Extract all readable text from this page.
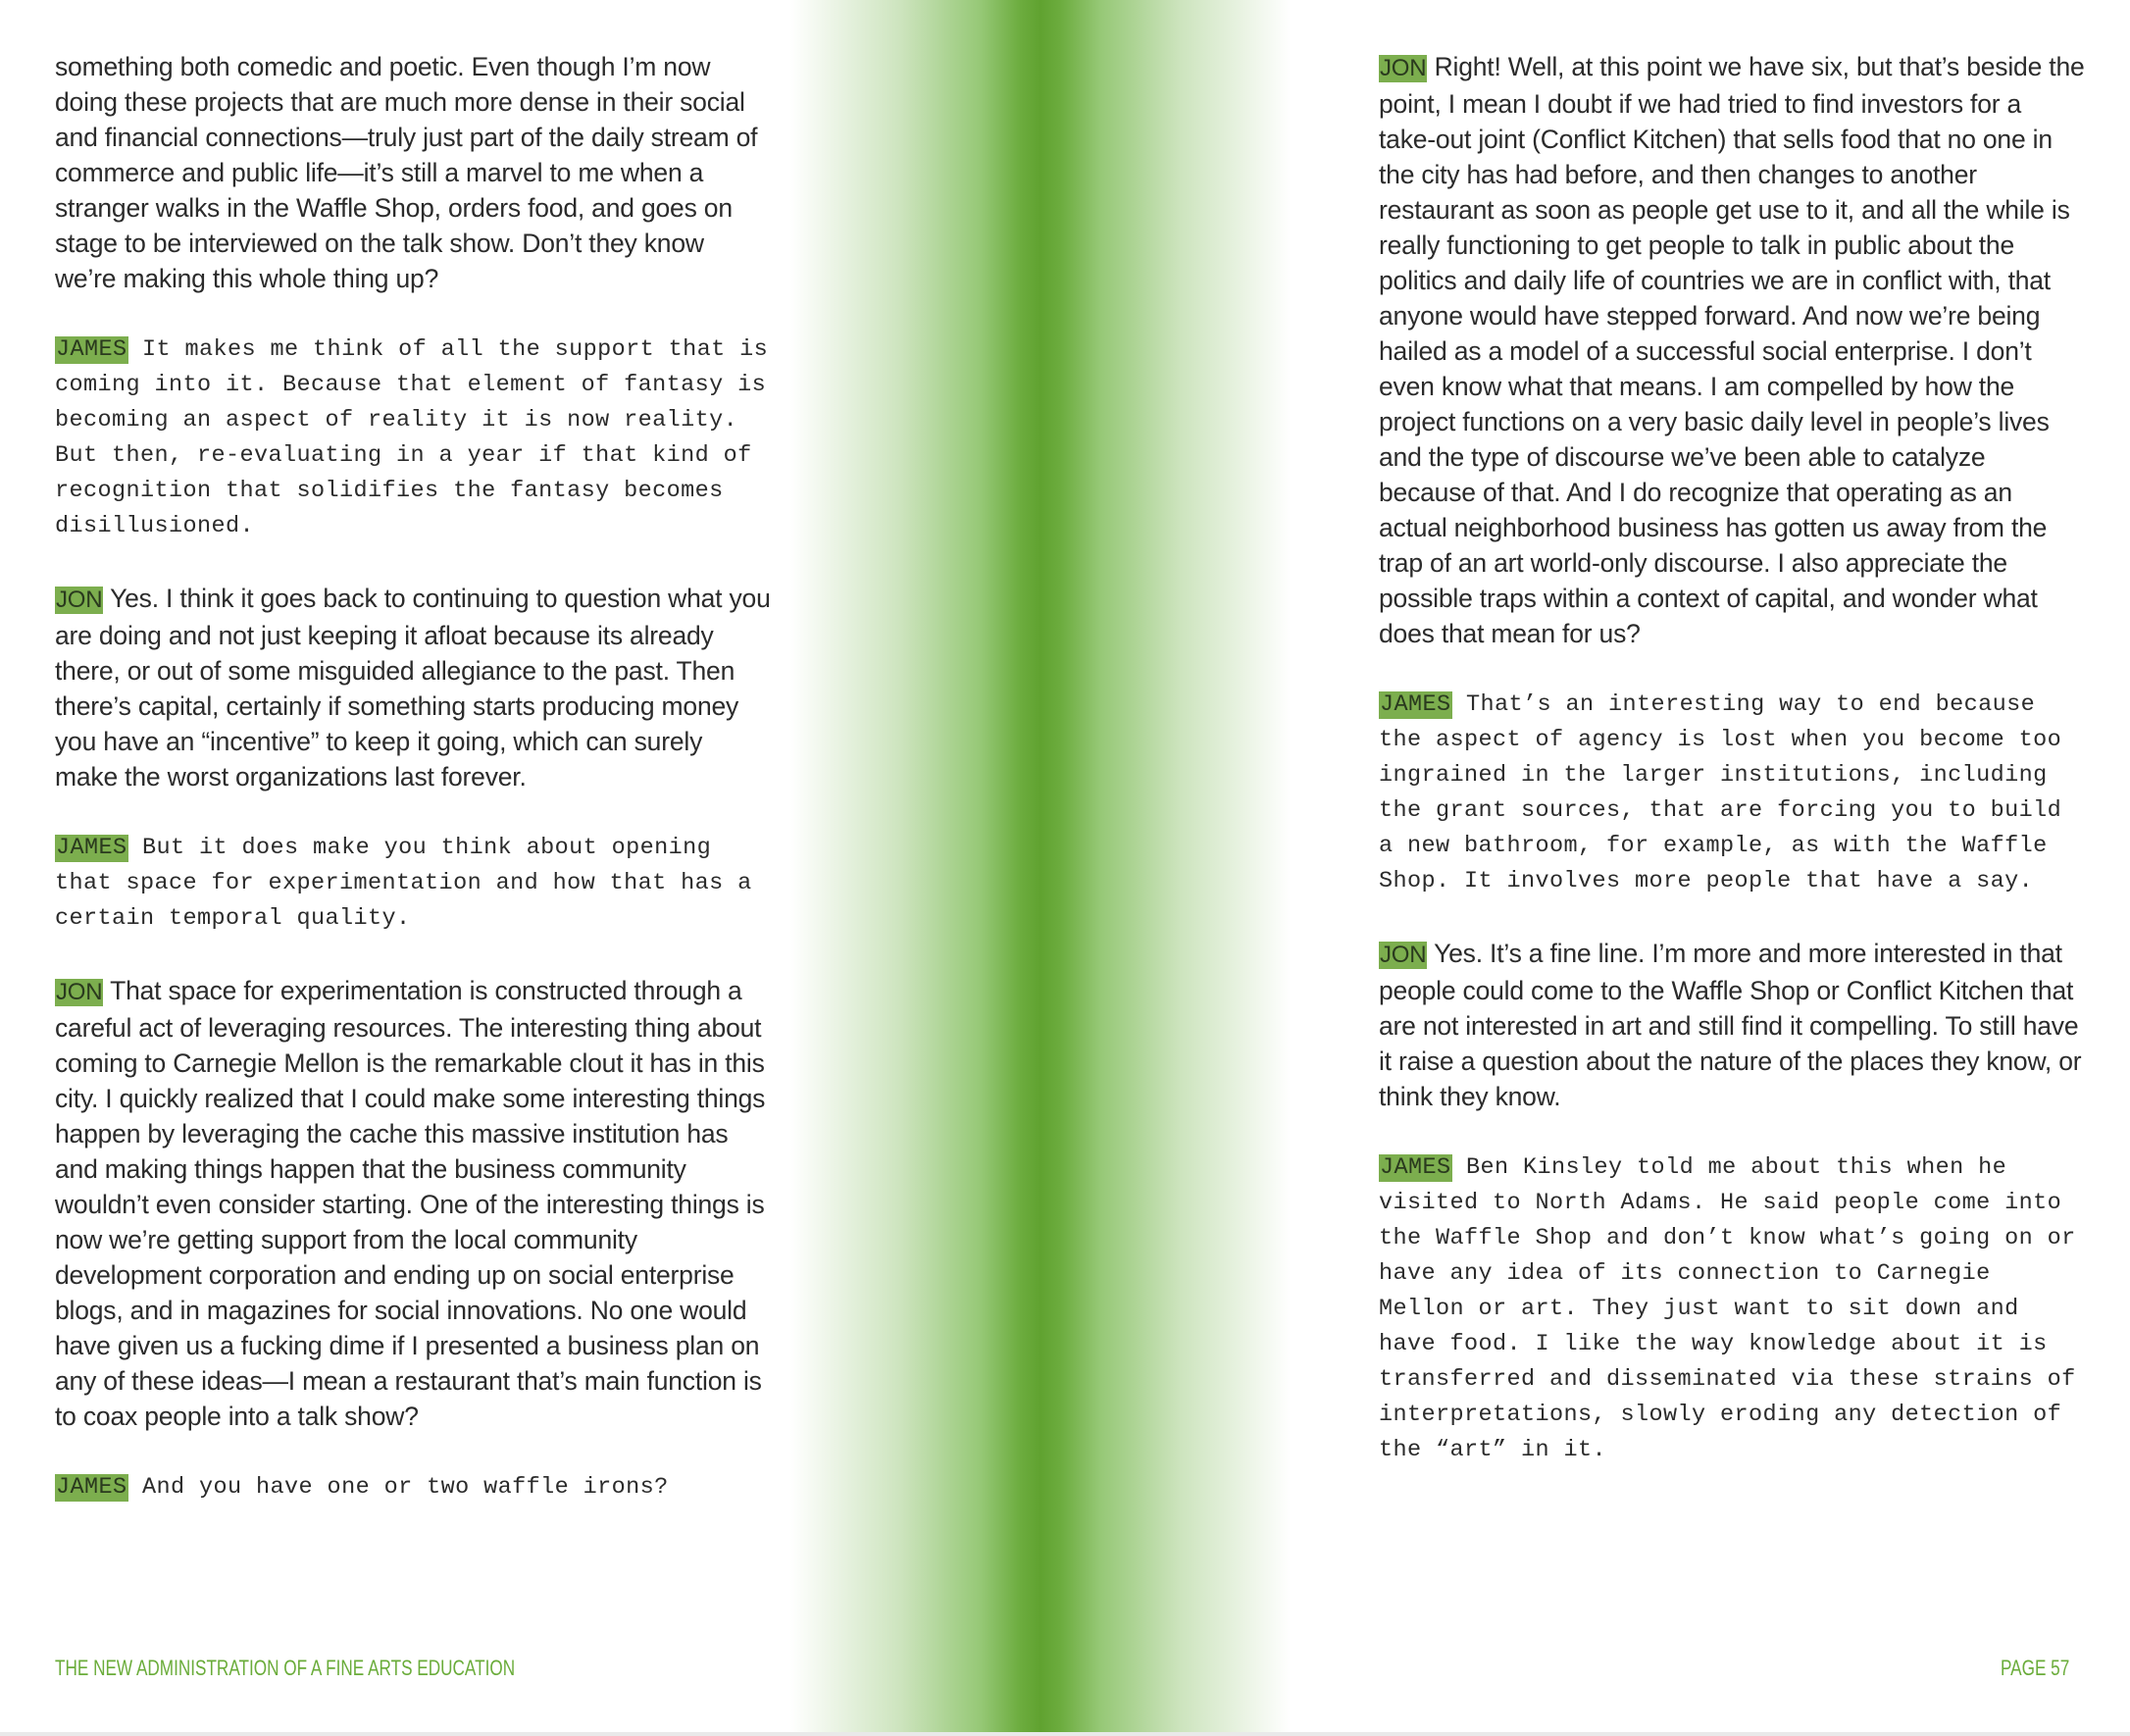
something both comedic and poetic. Even though I’m now doing these projects that are much more dense in their social and financial connections—truly just part of the daily stream of commerce and public life—it’s still a marvel to me when a stranger walks in the Waffle Shop, orders food, and goes on stage to be interviewed on the talk show. Don’t they know we’re making this whole thing up?

JAMES It makes me think of all the support that is coming into it. Because that element of fantasy is becoming an aspect of reality it is now reality. But then, re-evaluating in a year if that kind of recognition that solidifies the fantasy becomes disillusioned.

JON Yes. I think it goes back to continuing to question what you are doing and not just keeping it afloat because its already there, or out of some misguided allegiance to the past. Then there’s capital, certainly if something starts producing money you have an “incentive” to keep it going, which can surely make the worst organizations last forever.

JAMES But it does make you think about opening that space for experimentation and how that has a certain temporal quality.

JON That space for experimentation is constructed through a careful act of leveraging resources. The interesting thing about coming to Carnegie Mellon is the remarkable clout it has in this city. I quickly realized that I could make some interesting things happen by leveraging the cache this massive institution has and making things happen that the business community wouldn’t even consider starting. One of the interesting things is now we’re getting support from the local community development corporation and ending up on social enterprise blogs, and in magazines for social innovations. No one would have given us a fucking dime if I presented a business plan on any of these ideas—I mean a restaurant that’s main function is to coax people into a talk show?

JAMES And you have one or two waffle irons?

JON Right! Well, at this point we have six, but that’s beside the point, I mean I doubt if we had tried to find investors for a take-out joint (Conflict Kitchen) that sells food that no one in the city has had before, and then changes to another restaurant as soon as people get use to it, and all the while is really functioning to get people to talk in public about the politics and daily life of countries we are in conflict with, that anyone would have stepped forward. And now we’re being hailed as a model of a successful social enterprise. I don’t even know what that means. I am compelled by how the project functions on a very basic daily level in people’s lives and the type of discourse we’ve been able to catalyze because of that. And I do recognize that operating as an actual neighborhood business has gotten us away from the trap of an art world-only discourse. I also appreciate the possible traps within a context of capital, and wonder what does that mean for us?

JAMES That’s an interesting way to end because the aspect of agency is lost when you become too ingrained in the larger institutions, including the grant sources, that are forcing you to build a new bathroom, for example, as with the Waffle Shop. It involves more people that have a say.

JON Yes. It’s a fine line. I’m more and more interested in that people could come to the Waffle Shop or Conflict Kitchen that are not interested in art and still find it compelling. To still have it raise a question about the nature of the places they know, or think they know.

JAMES Ben Kinsley told me about this when he visited to North Adams. He said people come into the Waffle Shop and don’t know what’s going on or have any idea of its connection to Carnegie Mellon or art. They just want to sit down and have food. I like the way knowledge about it is transferred and disseminated via these strains of interpretations, slowly eroding any detection of the “art” in it.

THE NEW ADMINISTRATION OF A FINE ARTS EDUCATION	PAGE 57
